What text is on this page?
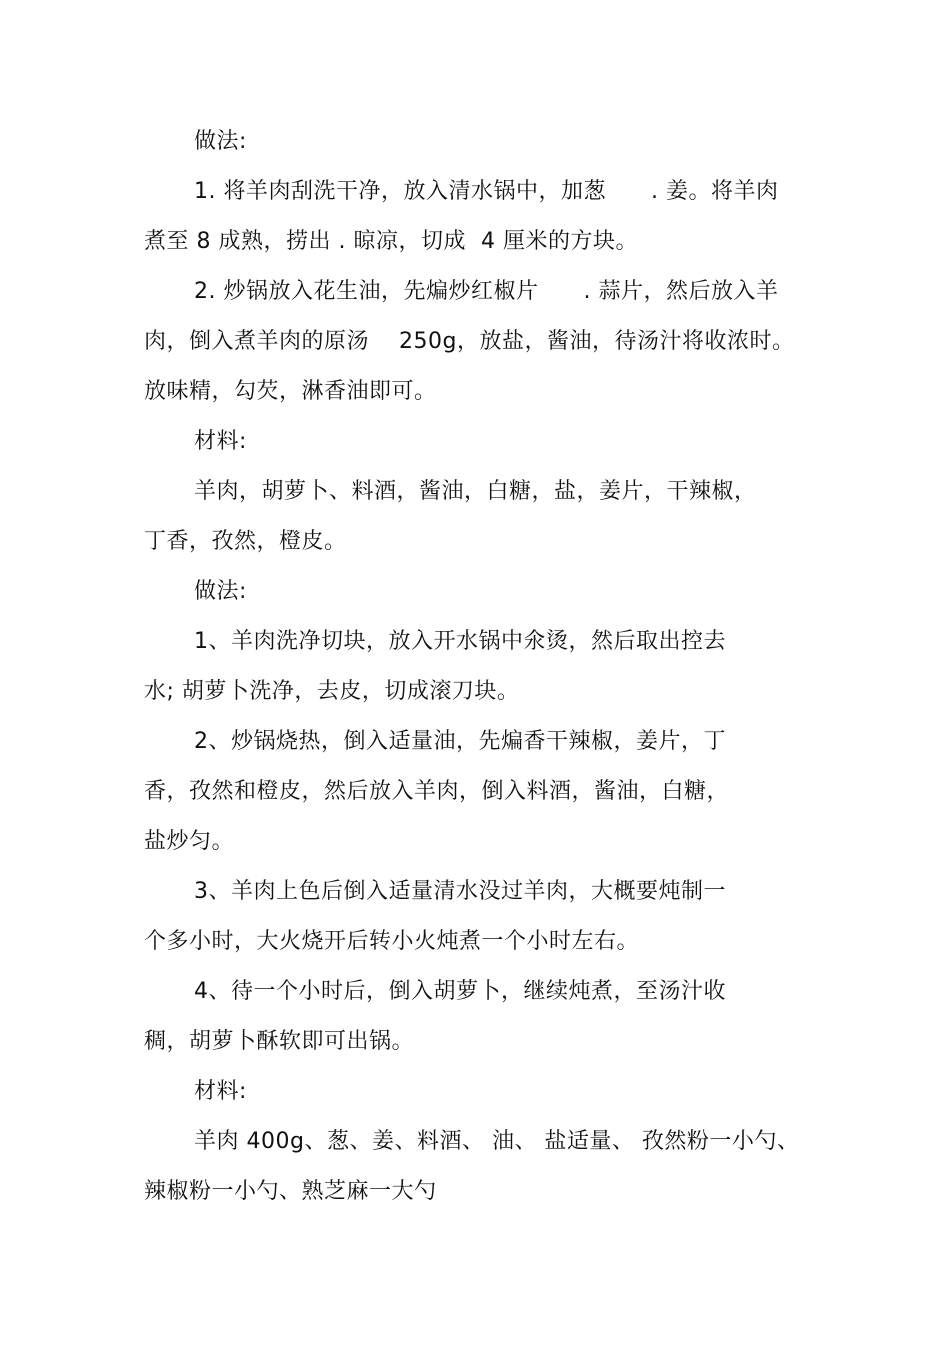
做法:
1. 将羊肉刮洗干净，放入清水锅中，加葱　　. 姜。将羊肉
煮至 8 成熟，捞出 . 晾凉，切成  4 厘米的方块。
2. 炒锅放入花生油，先煸炒红椒片　　. 蒜片，然后放入羊
肉，倒入煮羊肉的原汤　 250g，放盐，酱油，待汤汁将收浓时。
放味精，勾芡，淋香油即可。
材料:
羊肉，胡萝卜、料酒，酱油，白糖，盐，姜片，干辣椒，
丁香，孜然，橙皮。
做法:
1、羊肉洗净切块，放入开水锅中氽烫，然后取出控去
水; 胡萝卜洗净，去皮，切成滚刀块。
2、炒锅烧热，倒入适量油，先煸香干辣椒，姜片，丁
香，孜然和橙皮，然后放入羊肉，倒入料酒，酱油，白糖，
盐炒匀。
3、羊肉上色后倒入适量清水没过羊肉，大概要炖制一
个多小时，大火烧开后转小火炖煮一个小时左右。
4、待一个小时后，倒入胡萝卜，继续炖煮，至汤汁收
稠，胡萝卜酥软即可出锅。
材料:
羊肉 400g、葱、姜、料酒、 油、 盐适量、 孜然粉一小勺、
辣椒粉一小勺、熟芝麻一大勺
